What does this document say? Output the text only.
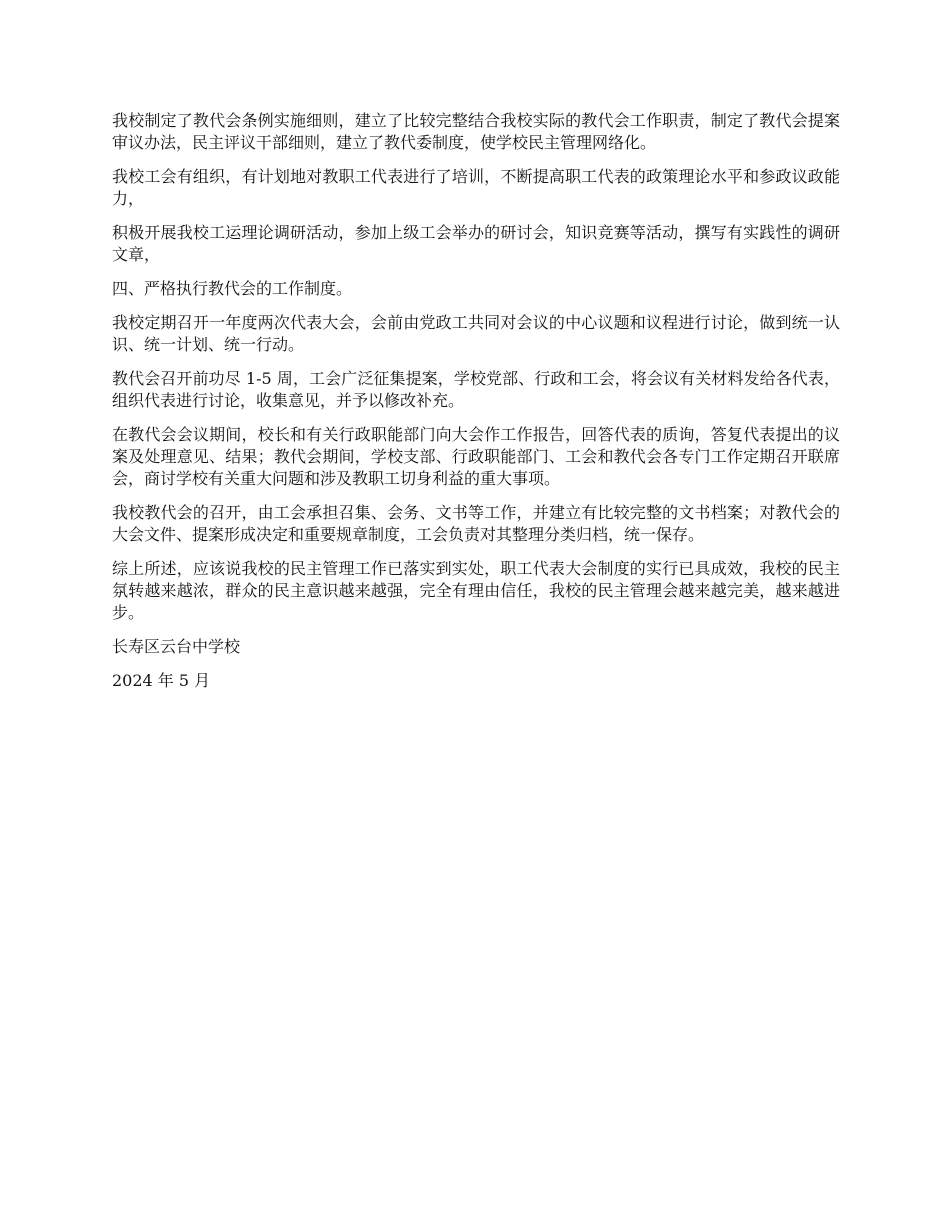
我校制定了教代会条例实施细则，建立了比较完整结合我校实际的教代会工作职责，制定了教代会提案审议办法，民主评议干部细则，建立了教代委制度，使学校民主管理网络化。

我校工会有组织，有计划地对教职工代表进行了培训，不断提高职工代表的政策理论水平和参政议政能力，

积极开展我校工运理论调研活动，参加上级工会举办的研讨会，知识竞赛等活动，撰写有实践性的调研文章，

四、严格执行教代会的工作制度。

我校定期召开一年度两次代表大会，会前由党政工共同对会议的中心议题和议程进行讨论，做到统一认识、统一计划、统一行动。

教代会召开前功尽 1-5 周，工会广泛征集提案，学校党部、行政和工会，将会议有关材料发给各代表，组织代表进行讨论，收集意见，并予以修改补充。

在教代会会议期间，校长和有关行政职能部门向大会作工作报告，回答代表的质询，答复代表提出的议案及处理意见、结果；教代会期间，学校支部、行政职能部门、工会和教代会各专门工作定期召开联席会，商讨学校有关重大问题和涉及教职工切身利益的重大事项。

我校教代会的召开，由工会承担召集、会务、文书等工作，并建立有比较完整的文书档案；对教代会的大会文件、提案形成决定和重要规章制度，工会负责对其整理分类归档，统一保存。

综上所述，应该说我校的民主管理工作已落实到实处，职工代表大会制度的实行已具成效，我校的民主氛转越来越浓，群众的民主意识越来越强，完全有理由信任，我校的民主管理会越来越完美，越来越进步。

长寿区云台中学校

2024 年 5 月
